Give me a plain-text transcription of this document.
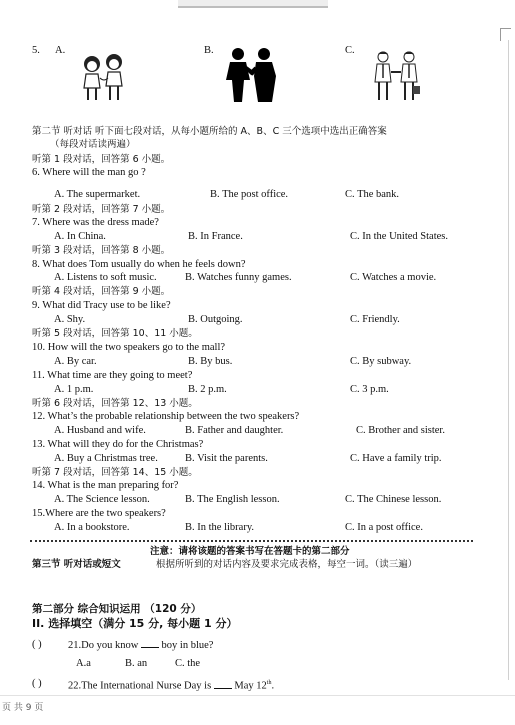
5. A.	B.	C.
第二节 听对话 听下面七段对话，从每小题所给的 A、B、C 三个选项中选出正确答案
（每段对话读两遍）
听第 1 段对话，回答第 6 小题。
6. Where will the man go ?
A. The supermarket.	B. The post office.	C. The bank.
听第 2 段对话，回答第 7 小题。
7. Where was the dress made?
A. In China.	B. In France.	C. In the United States.
听第 3 段对话，回答第 8 小题。
8. What does Tom usually do when he feels down?
A. Listens to soft music.	B. Watches funny games.	C. Watches a movie.
听第 4 段对话，回答第 9 小题。
9. What did Tracy use to be like?
A. Shy.	B. Outgoing.	C. Friendly.
听第 5 段对话，回答第 10、11 小题。
10. How will the two speakers go to the mall?
A. By car.	B. By bus.	C. By subway.
11. What time are they going to meet?
A. 1 p.m.	B. 2 p.m.	C. 3 p.m.
听第 6 段对话，回答第 12、13 小题。
12. What’s the probable relationship between the two speakers?
A. Husband and wife.	B. Father and daughter.	C. Brother and sister.
13. What will they do for the Christmas?
A. Buy a Christmas tree.	B. Visit the parents.	C. Have a family trip.
听第 7 段对话，回答第 14、15 小题。
14. What is the man preparing for?
A. The Science lesson.	B. The English lesson.	C. The Chinese lesson.
15.Where are the two speakers?
A. In a bookstore.	B. In the library.	C. In a post office.
注意：请将该题的答案书写在答题卡的第二部分
第三节 听对话或短文	根据所听到的对话内容及要求完成表格，每空一词。（读三遍）
第二部分 综合知识运用 （120 分）
II. 选择填空（满分 15 分, 每小题 1 分）
( )	21.Do you know boy in blue?
A.a	B. an	C. the
( )	22.The International Nurse Day is May 12th.
页 共 9 页
